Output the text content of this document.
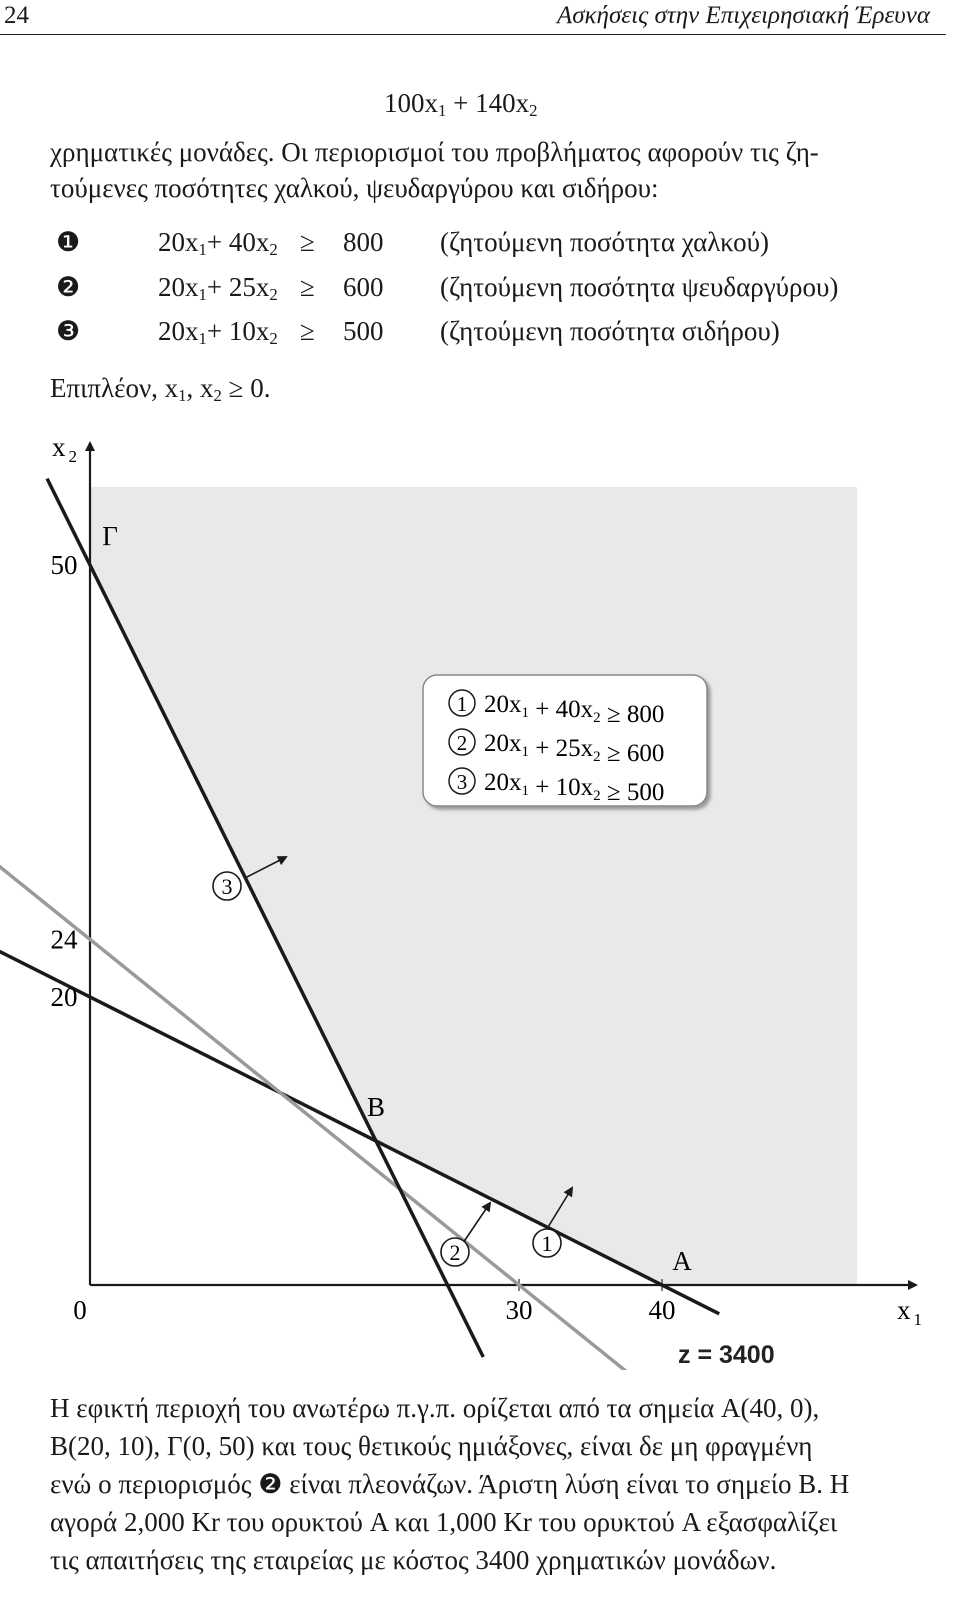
24	Ασκήσεις στην Επιχειρησιακή Έρευνα
$100x_1 + 140x_2$
χρηματικές μονάδες. Οι περιορισμοί του προβλήματος αφορούν τις ζη-
τούμενες ποσότητες χαλκού, ψευδαργύρου και σιδήρου:
❶	$20x_1+ 40x_2 \ge 800$ (ζητούμενη ποσότητα χαλκού)
❷	$20x_1+ 25x_2 \ge 600$ (ζητούμενη ποσότητα ψευδαργύρου)
❸	$20x_1+ 10x_2 \ge 500$ (ζητούμενη ποσότητα σιδήρου)
Επιπλέον, $x_1$, $x_2 \ge 0$.
x $_2$
x $_1$
0	30	40
50
24
20
Γ
B
A
3
2	1
z = 3400
1 $20x_1 + 40x_2 \ge 800$
2 $20x_1 + 25x_2 \ge 600$
3 $20x_1 + 10x_2 \ge 500$
Η εφικτή περιοχή του ανωτέρω π.γ.π. ορίζεται από τα σημεία A(40, 0),
B(20, 10), Γ(0, 50) και τους θετικούς ημιάξονες, είναι δε μη φραγμένη
ενώ ο περιορισμός ❷ είναι πλεονάζων. Άριστη λύση είναι το σημείο B. Η
αγορά 2,000 Kr του ορυκτού A και 1,000 Kr του ορυκτού A εξασφαλίζει
τις απαιτήσεις της εταιρείας με κόστος 3400 χρηματικών μονάδων.
